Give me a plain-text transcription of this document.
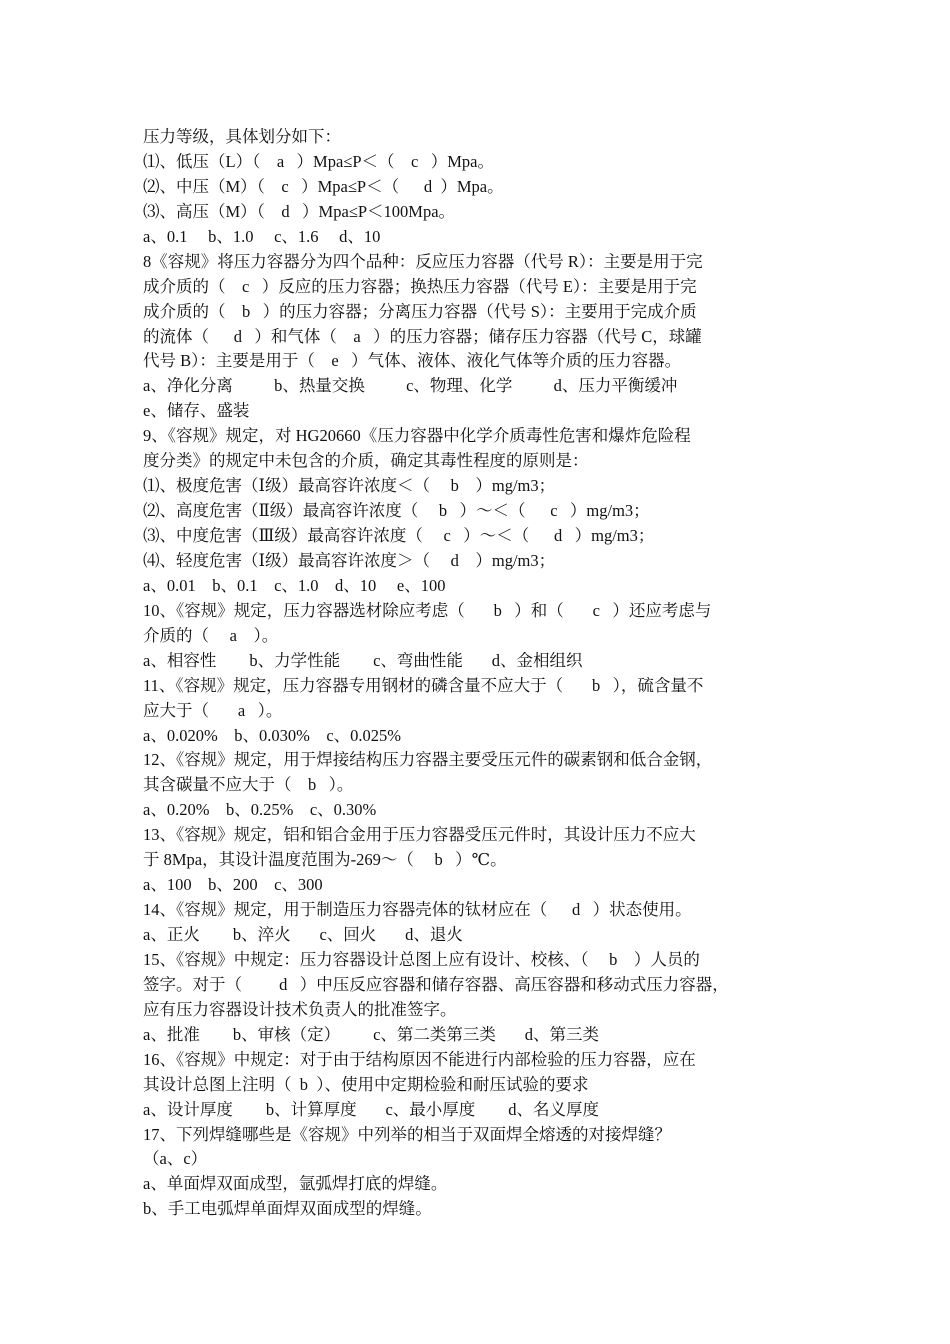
压力等级，具体划分如下：
⑴、低压（L）（    a   ）Mpa≤P＜（    c   ）Mpa。
⑵、中压（M）（    c   ）Mpa≤P＜（      d  ）Mpa。
⑶、高压（M）（    d   ）Mpa≤P＜100Mpa。
a、0.1     b、1.0     c、1.6     d、10
8《容规》将压力容器分为四个品种：反应压力容器（代号 R）：主要是用于完
成介质的（    c   ）反应的压力容器；换热压力容器（代号 E）：主要是用于完
成介质的（    b   ）的压力容器；分离压力容器（代号 S）：主要用于完成介质
的流体（      d   ）和气体（    a   ）的压力容器；储存压力容器（代号 C，球罐
代号 B）：主要是用于（    e   ）气体、液体、液化气体等介质的压力容器。
a、净化分离          b、热量交换          c、物理、化学          d、压力平衡缓冲
e、储存、盛装
9、《容规》规定，对 HG20660《压力容器中化学介质毒性危害和爆炸危险程
度分类》的规定中未包含的介质，确定其毒性程度的原则是：
⑴、极度危害（Ⅰ级）最高容许浓度＜（     b    ）mg/m3；
⑵、高度危害（Ⅱ级）最高容许浓度（     b   ）～＜（      c   ）mg/m3；
⑶、中度危害（Ⅲ级）最高容许浓度（     c   ）～＜（      d   ）mg/m3；
⑷、轻度危害（Ⅰ级）最高容许浓度＞（     d    ）mg/m3；
a、0.01    b、0.1    c、1.0    d、10     e、100
10、《容规》规定，压力容器选材除应考虑（       b   ）和（       c   ）还应考虑与
介质的（     a    ）。
a、相容性        b、力学性能        c、弯曲性能       d、金相组织
11、《容规》规定，压力容器专用钢材的磷含量不应大于（       b   ），硫含量不
应大于（       a   ）。
a、0.020%    b、0.030%    c、0.025%
12、《容规》规定，用于焊接结构压力容器主要受压元件的碳素钢和低合金钢，
其含碳量不应大于（    b   ）。
a、0.20%    b、0.25%    c、0.30%
13、《容规》规定，铝和铝合金用于压力容器受压元件时，其设计压力不应大
于 8Mpa，其设计温度范围为-269～（     b   ）℃。
a、100    b、200    c、300
14、《容规》规定，用于制造压力容器壳体的钛材应在（      d   ）状态使用。
a、正火        b、淬火       c、回火       d、退火
15、《容规》中规定：压力容器设计总图上应有设计、校核、（     b    ）人员的
签字。对于（         d   ）中压反应容器和储存容器、高压容器和移动式压力容器，
应有压力容器设计技术负责人的批准签字。
a、批准        b、审核（定）        c、第二类第三类       d、第三类
16、《容规》中规定：对于由于结构原因不能进行内部检验的压力容器，应在
其设计总图上注明（  b  ）、使用中定期检验和耐压试验的要求
a、设计厚度        b、计算厚度       c、最小厚度        d、名义厚度
17、下列焊缝哪些是《容规》中列举的相当于双面焊全熔透的对接焊缝？
（a、c）
a、单面焊双面成型，氩弧焊打底的焊缝。
b、手工电弧焊单面焊双面成型的焊缝。
